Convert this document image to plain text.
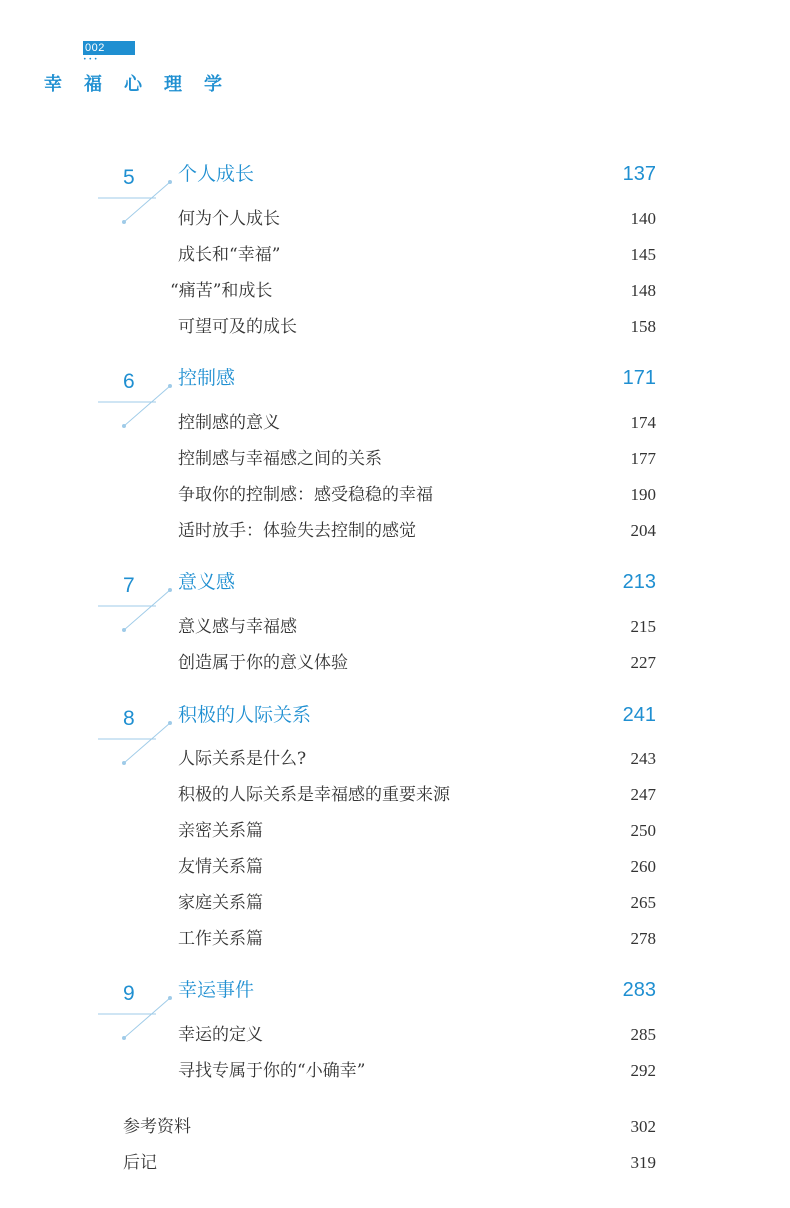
002
• • •
幸福心理学
5 个人成长	137
何为个人成长	140
成长和“幸福”	145
“痛苦”和成长	148
可望可及的成长	158
6 控制感	171
控制感的意义	174
控制感与幸福感之间的关系	177
争取你的控制感：感受稳稳的幸福	190
适时放手：体验失去控制的感觉	204
7 意义感	213
意义感与幸福感	215
创造属于你的意义体验	227
8 积极的人际关系	241
人际关系是什么?	243
积极的人际关系是幸福感的重要来源	247
亲密关系篇	250
友情关系篇	260
家庭关系篇	265
工作关系篇	278
9 幸运事件	283
幸运的定义	285
寻找专属于你的“小确幸”	292
参考资料	302
后记	319
